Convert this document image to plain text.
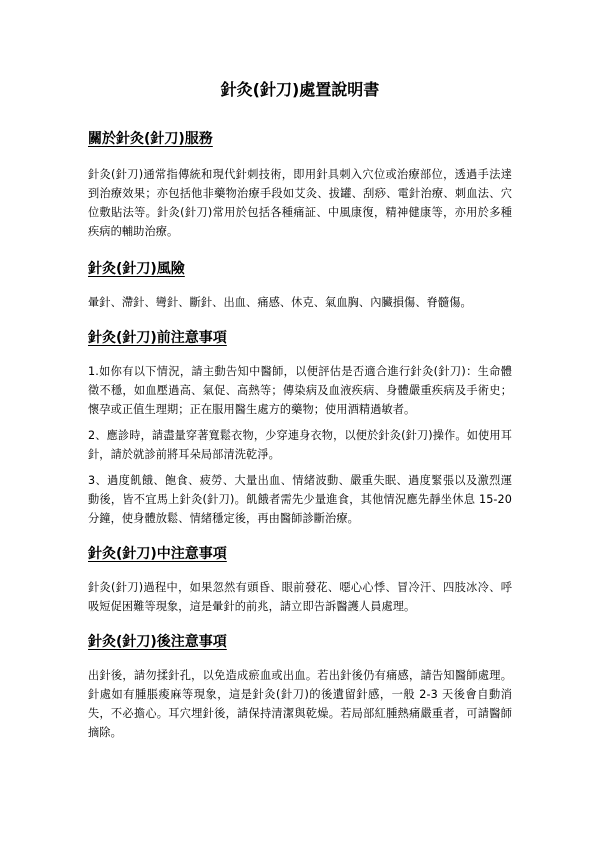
針灸(針刀)處置說明書
關於針灸(針刀)服務

針灸(針刀)通常指傳統和現代針刺技術，即用針具刺入穴位或治療部位，透過手法達到治療效果；亦包括他非藥物治療手段如艾灸、拔罐、刮痧、電針治療、刺血法、穴位敷貼法等。針灸(針刀)常用於包括各種痛証、中風康復，精神健康等，亦用於多種疾病的輔助治療。

針灸(針刀)風險

暈針、滯針、彎針、斷針、出血、痛感、休克、氣血胸、內臟損傷、脊髓傷。

針灸(針刀)前注意事項

1.如你有以下情況，請主動告知中醫師，以便評估是否適合進行針灸(針刀)：生命體徵不穩，如血壓過高、氣促、高熱等；傳染病及血液疾病、身體嚴重疾病及手術史；懷孕或正值生理期；正在服用醫生處方的藥物；使用酒精過敏者。

2、應診時，請盡量穿著寬鬆衣物，少穿連身衣物，以便於針灸(針刀)操作。如使用耳針，請於就診前將耳朵局部清洗乾淨。

3、過度飢餓、飽食、疲勞、大量出血、情緒波動、嚴重失眠、過度緊張以及激烈運動後，皆不宜馬上針灸(針刀)。飢餓者需先少量進食，其他情況應先靜坐休息 15-20 分鐘，使身體放鬆、情緒穩定後，再由醫師診斷治療。

針灸(針刀)中注意事項

針灸(針刀)過程中，如果忽然有頭昏、眼前發花、噁心心悸、冒冷汗、四肢冰冷、呼吸短促困難等現象，這是暈針的前兆，請立即告訴醫護人員處理。

針灸(針刀)後注意事項

出針後，請勿揉針孔，以免造成瘀血或出血。若出針後仍有痛感，請告知醫師處理。針處如有腫脹痠麻等現象，這是針灸(針刀)的後遺留針感，一般 2-3 天後會自動消失，不必擔心。耳穴埋針後，請保持清潔與乾燥。若局部紅腫熱痛嚴重者，可請醫師摘除。
